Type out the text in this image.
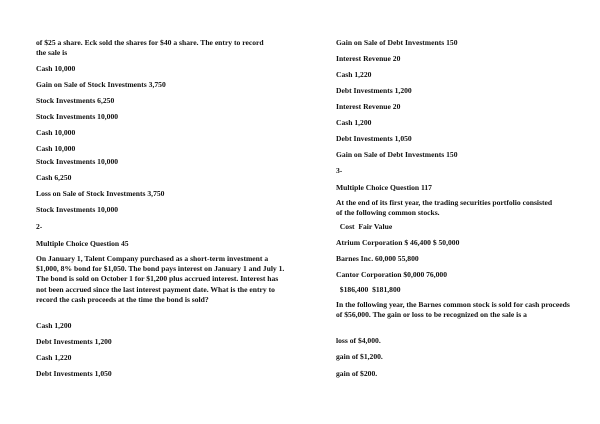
of $25 a share. Eck sold the shares for $40 a share. The entry to record the sale is
Cash 10,000
Gain on Sale of Stock Investments 3,750
Stock Investments 6,250
Stock Investments 10,000
Cash 10,000
Cash 10,000
Stock Investments 10,000
Cash 6,250
Loss on Sale of Stock Investments 3,750
Stock Investments 10,000
2-
Multiple Choice Question 45
On January 1, Talent Company purchased as a short-term investment a $1,000, 8% bond for $1,050. The bond pays interest on January 1 and July 1. The bond is sold on October 1 for $1,200 plus accrued interest. Interest has not been accrued since the last interest payment date. What is the entry to record the cash proceeds at the time the bond is sold?
Cash 1,200
Debt Investments 1,200
Cash 1,220
Debt Investments 1,050
Gain on Sale of Debt Investments 150
Interest Revenue 20
Cash 1,220
Debt Investments 1,200
Interest Revenue 20
Cash 1,200
Debt Investments 1,050
Gain on Sale of Debt Investments 150
3-
Multiple Choice Question 117
At the end of its first year, the trading securities portfolio consisted of the following common stocks.
Cost  Fair Value
Atrium Corporation $ 46,400 $ 50,000
Barnes Inc. 60,000 55,800
Cantor Corporation $0,000 76,000
$186,400  $181,800
In the following year, the Barnes common stock is sold for cash proceeds of $56,000. The gain or loss to be recognized on the sale is a
loss of $4,000.
gain of $1,200.
gain of $200.
